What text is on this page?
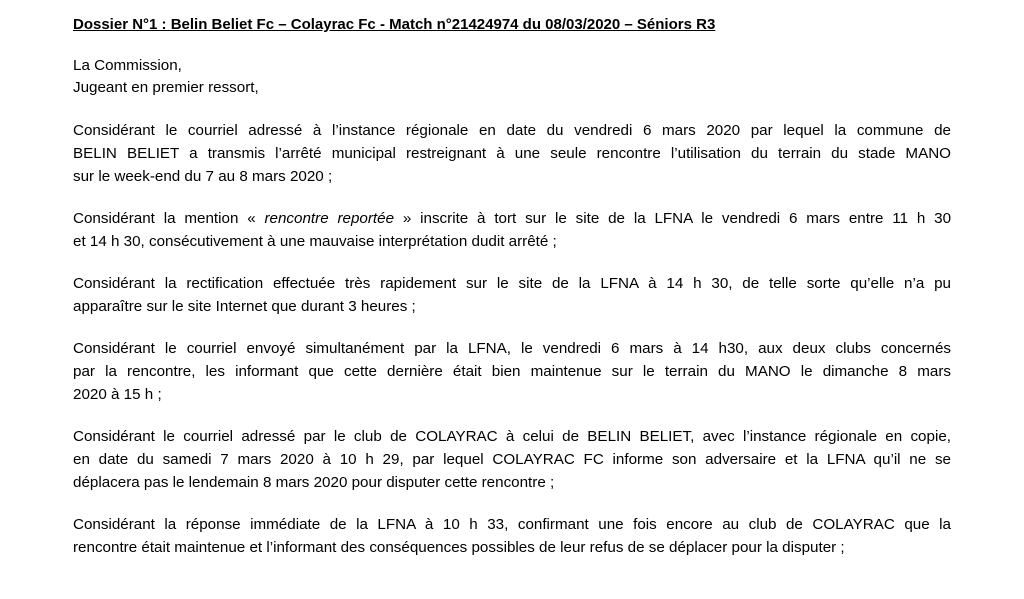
Dossier N°1 : Belin Beliet Fc – Colayrac Fc - Match n°21424974 du 08/03/2020 – Séniors R3
La Commission,
Jugeant en premier ressort,
Considérant le courriel adressé à l’instance régionale en date du vendredi 6 mars 2020 par lequel la commune de
BELIN BELIET a transmis l’arrêté municipal restreignant à une seule rencontre l’utilisation du terrain du stade MANO
sur le week-end du 7 au 8 mars 2020 ;
Considérant la mention « rencontre reportée » inscrite à tort sur le site de la LFNA le vendredi 6 mars entre 11 h 30
et 14 h 30, consécutivement à une mauvaise interprétation dudit arrêté ;
Considérant la rectification effectuée très rapidement sur le site de la LFNA à 14 h 30, de telle sorte qu’elle n’a pu
apparaître sur le site Internet que durant 3 heures ;
Considérant le courriel envoyé simultanément par la LFNA, le vendredi 6 mars à 14 h30, aux deux clubs concernés
par la rencontre, les informant que cette dernière était bien maintenue sur le terrain du MANO le dimanche 8 mars
2020 à 15 h ;
Considérant le courriel adressé par le club de COLAYRAC à celui de BELIN BELIET, avec l’instance régionale en copie,
en date du samedi 7 mars 2020 à 10 h 29, par lequel COLAYRAC FC informe son adversaire et la LFNA qu’il ne se
déplacera pas le lendemain 8 mars 2020 pour disputer cette rencontre ;
Considérant la réponse immédiate de la LFNA à 10 h 33, confirmant une fois encore au club de COLAYRAC que la
rencontre était maintenue et l’informant des conséquences possibles de leur refus de se déplacer pour la disputer ;
